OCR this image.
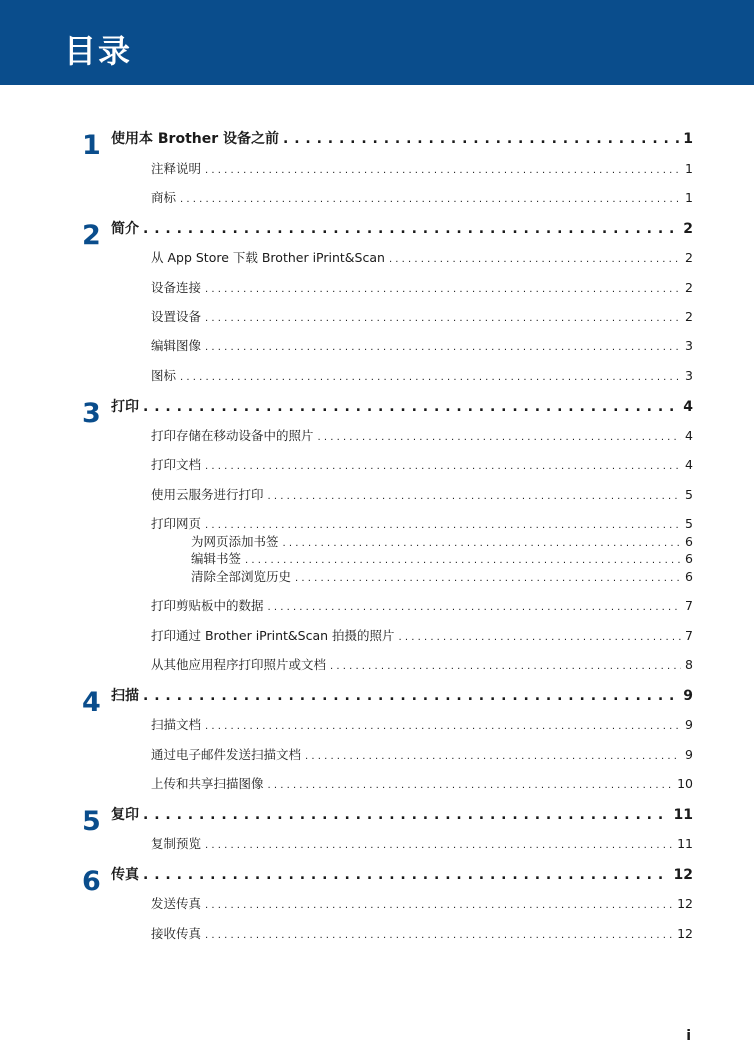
目录
1 使用本 Brother 设备之前 . . .	1
注释说明 . . .	1
商标 . . .	1
2 简介 . . .	2
从 App Store 下载 Brother iPrint&Scan . . .	2
设备连接 . . .	2
设置设备 . . .	2
编辑图像 . . .	3
图标 . . .	3
3 打印 . . .	4
打印存储在移动设备中的照片 . . .	4
打印文档 . . .	4
使用云服务进行打印 . . .	5
打印网页 . . .	5
为网页添加书签 . . .	6
编辑书签 . . .	6
清除全部浏览历史 . . .	6
打印剪贴板中的数据 . . .	7
打印通过 Brother iPrint&Scan 拍摄的照片 . . .	7
从其他应用程序打印照片或文档 . . .	8
4 扫描 . . .	9
扫描文档 . . .	9
通过电子邮件发送扫描文档 . . .	9
上传和共享扫描图像 . . .	10
5 复印 . . .	11
复制预览 . . .	11
6 传真 . . .	12
发送传真 . . .	12
接收传真 . . .	12
i
